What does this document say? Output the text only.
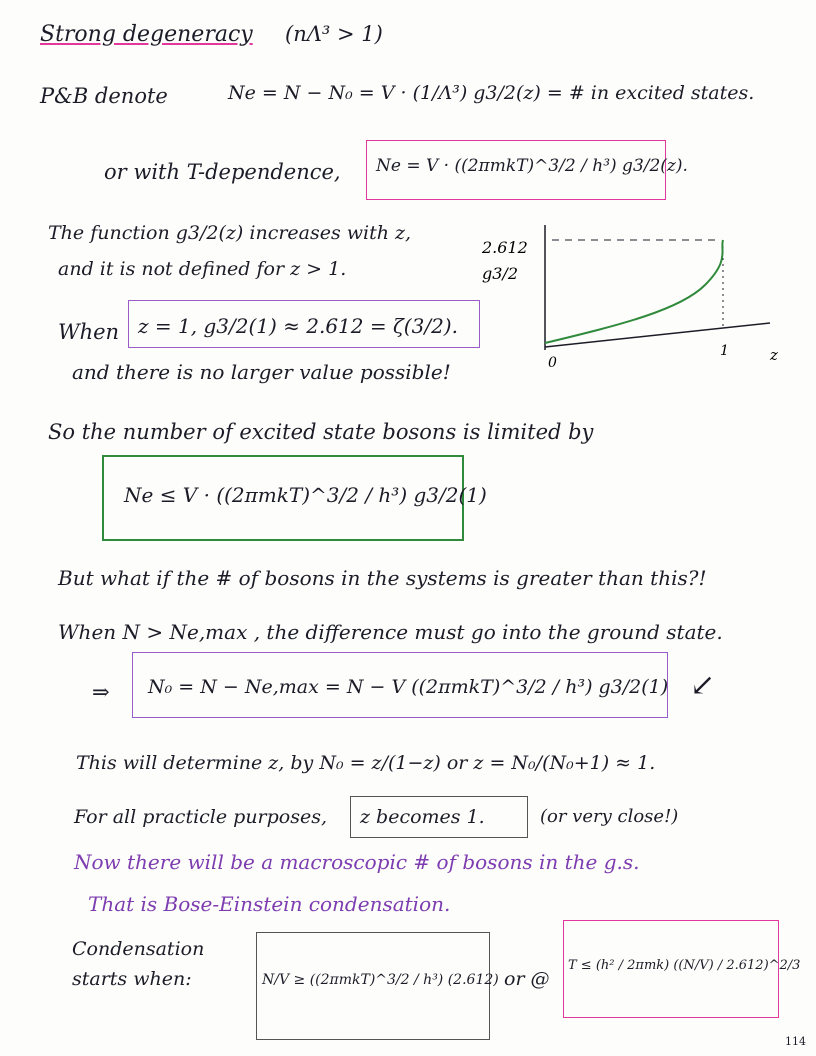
Strong degeneracy (nΛ³ > 1)
P&B denote	Ne = N − N₀ = V · (1/Λ³) g3/2(z) = # in excited states.
or with T-dependence, Ne = V · ((2πmkT)^3/2 / h³) g3/2(z).
The function g3/2(z) increases with z,
and it is not defined for z > 1.
2.612
g3/2
0
1	z
When z = 1, g3/2(1) ≈ 2.612 = ζ(3/2).
and there is no larger value possible!
So the number of excited state bosons is limited by
Ne ≤ V · ((2πmkT)^3/2 / h³) g3/2(1)
But what if the # of bosons in the systems is greater than this?!
When N > Ne,max , the difference must go into the ground state.
⇒ N₀ = N − Ne,max = N − V ((2πmkT)^3/2 / h³) g3/2(1) ↙
This will determine z, by N₀ = z/(1−z) or z = N₀/(N₀+1) ≈ 1.
For all practicle purposes, z becomes 1.	(or very close!)
Now there will be a macroscopic # of bosons in the g.s.
That is Bose-Einstein condensation.
Condensation
starts when:	N/V ≥ ((2πmkT)^3/2 / h³) (2.612) or @
T ≤ (h² / 2πmk) ((N/V) / 2.612)^2/3
114
